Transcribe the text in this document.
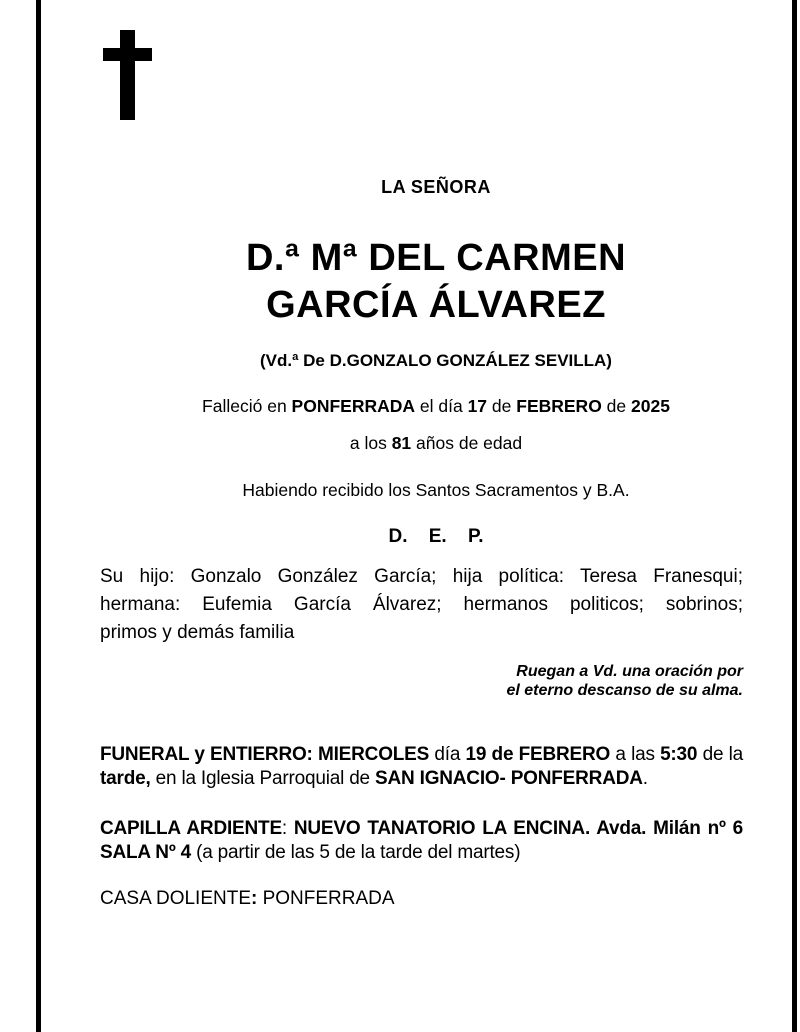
LA SEÑORA
D.ª Mª DEL CARMEN
GARCÍA ÁLVAREZ
(Vd.ª De D.GONZALO GONZÁLEZ SEVILLA)
Falleció en PONFERRADA el día 17 de FEBRERO de 2025
a los 81 años de edad
Habiendo recibido los Santos Sacramentos y B.A.
D. E. P.
Su hijo: Gonzalo González García; hija política: Teresa Franesqui;
hermana: Eufemia García Álvarez; hermanos politicos; sobrinos;
primos y demás familia
Ruegan a Vd. una oración por
el eterno descanso de su alma.
FUNERAL y ENTIERRO: MIERCOLES día 19 de FEBRERO a las 5:30 de la
tarde, en la Iglesia Parroquial de SAN IGNACIO- PONFERRADA.
CAPILLA ARDIENTE: NUEVO TANATORIO LA ENCINA. Avda. Milán nº 6
SALA Nº 4 (a partir de las 5 de la tarde del martes)
CASA DOLIENTE: PONFERRADA
